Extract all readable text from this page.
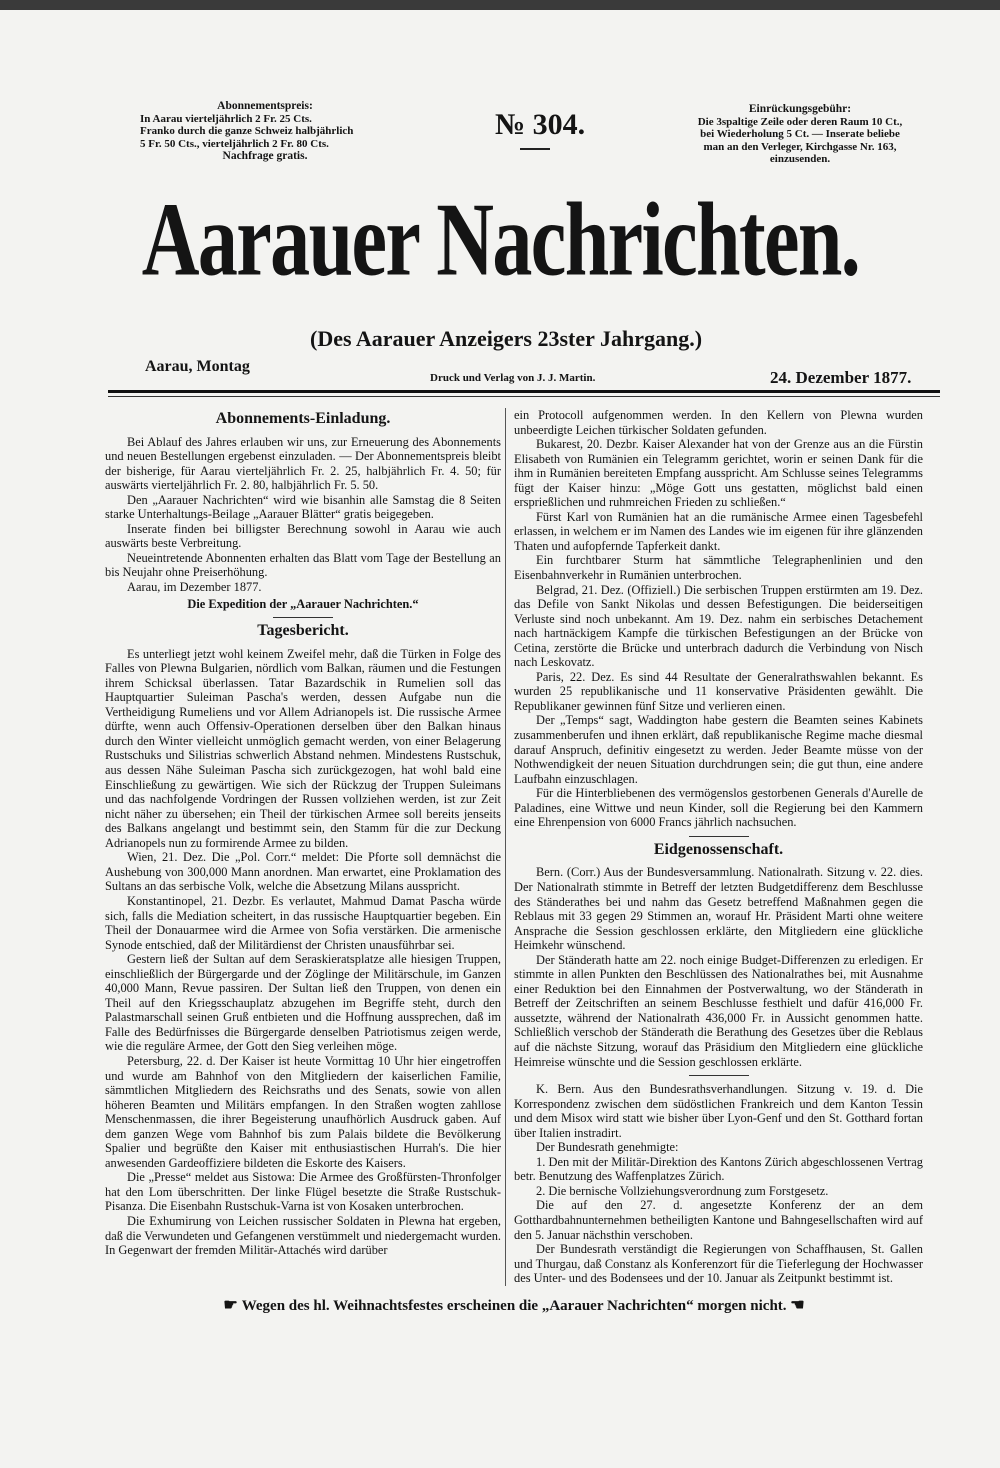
Abonnementspreis:
In Aarau vierteljährlich 2 Fr. 25 Cts.
Franko durch die ganze Schweiz halbjährlich
5 Fr. 50 Cts., vierteljährlich 2 Fr. 80 Cts.
Nachfrage gratis.
№ 304.	Einrückungsgebühr:
Die 3spaltige Zeile oder deren Raum 10 Ct.,
bei Wiederholung 5 Ct. — Inserate beliebe
man an den Verleger, Kirchgasse Nr. 163,
einzusenden.
Aarauer Nachrichten.
(Des Aarauer Anzeigers 23ster Jahrgang.)
Aarau, Montag
Druck und Verlag von J. J. Martin.	24. Dezember 1877.
Abonnements-Einladung.

Bei Ablauf des Jahres erlauben wir uns, zur Erneuerung des Abonnements und neuen Bestellungen ergebenst einzuladen. — Der Abonnementspreis bleibt der bisherige, für Aarau vierteljährlich Fr. 2. 25, halbjährlich Fr. 4. 50; für auswärts vierteljährlich Fr. 2. 80, halbjährlich Fr. 5. 50.

Den „Aarauer Nachrichten“ wird wie bisanhin alle Samstag die 8 Seiten starke Unterhaltungs-Beilage „Aarauer Blätter“ gratis beigegeben.

Inserate finden bei billigster Berechnung sowohl in Aarau wie auch auswärts beste Verbreitung.

Neueintretende Abonnenten erhalten das Blatt vom Tage der Bestellung an bis Neujahr ohne Preiserhöhung.

Aarau, im Dezember 1877.

Die Expedition der „Aarauer Nachrichten.“

Tagesbericht.

Es unterliegt jetzt wohl keinem Zweifel mehr, daß die Türken in Folge des Falles von Plewna Bulgarien, nördlich vom Balkan, räumen und die Festungen ihrem Schicksal überlassen. Tatar Bazardschik in Rumelien soll das Hauptquartier Suleiman Pascha's werden, dessen Aufgabe nun die Vertheidigung Rumeliens und vor Allem Adrianopels ist. Die russische Armee dürfte, wenn auch Offensiv-Operationen derselben über den Balkan hinaus durch den Winter vielleicht unmöglich gemacht werden, von einer Belagerung Rustschuks und Silistrias schwerlich Abstand nehmen. Mindestens Rustschuk, aus dessen Nähe Suleiman Pascha sich zurückgezogen, hat wohl bald eine Einschließung zu gewärtigen. Wie sich der Rückzug der Truppen Suleimans und das nachfolgende Vordringen der Russen vollziehen werden, ist zur Zeit nicht näher zu übersehen; ein Theil der türkischen Armee soll bereits jenseits des Balkans angelangt und bestimmt sein, den Stamm für die zur Deckung Adrianopels nun zu formirende Armee zu bilden.

Wien, 21. Dez. Die „Pol. Corr.“ meldet: Die Pforte soll demnächst die Aushebung von 300,000 Mann anordnen. Man erwartet, eine Proklamation des Sultans an das serbische Volk, welche die Absetzung Milans ausspricht.

Konstantinopel, 21. Dezbr. Es verlautet, Mahmud Damat Pascha würde sich, falls die Mediation scheitert, in das russische Hauptquartier begeben. Ein Theil der Donauarmee wird die Armee von Sofia verstärken. Die armenische Synode entschied, daß der Militärdienst der Christen unausführbar sei.

Gestern ließ der Sultan auf dem Seraskieratsplatze alle hiesigen Truppen, einschließlich der Bürgergarde und der Zöglinge der Militärschule, im Ganzen 40,000 Mann, Revue passiren. Der Sultan ließ den Truppen, von denen ein Theil auf den Kriegsschauplatz abzugehen im Begriffe steht, durch den Palastmarschall seinen Gruß entbieten und die Hoffnung aussprechen, daß im Falle des Bedürfnisses die Bürgergarde denselben Patriotismus zeigen werde, wie die reguläre Armee, der Gott den Sieg verleihen möge.

Petersburg, 22. d. Der Kaiser ist heute Vormittag 10 Uhr hier eingetroffen und wurde am Bahnhof von den Mitgliedern der kaiserlichen Familie, sämmtlichen Mitgliedern des Reichsraths und des Senats, sowie von allen höheren Beamten und Militärs empfangen. In den Straßen wogten zahllose Menschenmassen, die ihrer Begeisterung unaufhörlich Ausdruck gaben. Auf dem ganzen Wege vom Bahnhof bis zum Palais bildete die Bevölkerung Spalier und begrüßte den Kaiser mit enthusiastischen Hurrah's. Die hier anwesenden Gardeoffiziere bildeten die Eskorte des Kaisers.

Die „Presse“ meldet aus Sistowa: Die Armee des Großfürsten-Thronfolger hat den Lom überschritten. Der linke Flügel besetzte die Straße Rustschuk-Pisanza. Die Eisenbahn Rustschuk-Varna ist von Kosaken unterbrochen.

Die Exhumirung von Leichen russischer Soldaten in Plewna hat ergeben, daß die Verwundeten und Gefangenen verstümmelt und niedergemacht wurden. In Gegenwart der fremden Militär-Attachés wird darüber

ein Protocoll aufgenommen werden. In den Kellern von Plewna wurden unbeerdigte Leichen türkischer Soldaten gefunden.

Bukarest, 20. Dezbr. Kaiser Alexander hat von der Grenze aus an die Fürstin Elisabeth von Rumänien ein Telegramm gerichtet, worin er seinen Dank für die ihm in Rumänien bereiteten Empfang ausspricht. Am Schlusse seines Telegramms fügt der Kaiser hinzu: „Möge Gott uns gestatten, möglichst bald einen ersprießlichen und ruhmreichen Frieden zu schließen.“

Fürst Karl von Rumänien hat an die rumänische Armee einen Tagesbefehl erlassen, in welchem er im Namen des Landes wie im eigenen für ihre glänzenden Thaten und aufopfernde Tapferkeit dankt.

Ein furchtbarer Sturm hat sämmtliche Telegraphenlinien und den Eisenbahnverkehr in Rumänien unterbrochen.

Belgrad, 21. Dez. (Offiziell.) Die serbischen Truppen erstürmten am 19. Dez. das Defile von Sankt Nikolas und dessen Befestigungen. Die beiderseitigen Verluste sind noch unbekannt. Am 19. Dez. nahm ein serbisches Detachement nach hartnäckigem Kampfe die türkischen Befestigungen an der Brücke von Cetina, zerstörte die Brücke und unterbrach dadurch die Verbindung von Nisch nach Leskovatz.

Paris, 22. Dez. Es sind 44 Resultate der Generalrathswahlen bekannt. Es wurden 25 republikanische und 11 konservative Präsidenten gewählt. Die Republikaner gewinnen fünf Sitze und verlieren einen.

Der „Temps“ sagt, Waddington habe gestern die Beamten seines Kabinets zusammenberufen und ihnen erklärt, daß republikanische Regime mache diesmal darauf Anspruch, definitiv eingesetzt zu werden. Jeder Beamte müsse von der Nothwendigkeit der neuen Situation durchdrungen sein; die gut thun, eine andere Laufbahn einzuschlagen.

Für die Hinterbliebenen des vermögenslos gestorbenen Generals d'Aurelle de Paladines, eine Wittwe und neun Kinder, soll die Regierung bei den Kammern eine Ehrenpension von 6000 Francs jährlich nachsuchen.

Eidgenossenschaft.

Bern. (Corr.) Aus der Bundesversammlung. Nationalrath. Sitzung v. 22. dies. Der Nationalrath stimmte in Betreff der letzten Budgetdifferenz dem Beschlusse des Ständerathes bei und nahm das Gesetz betreffend Maßnahmen gegen die Reblaus mit 33 gegen 29 Stimmen an, worauf Hr. Präsident Marti ohne weitere Ansprache die Session geschlossen erklärte, den Mitgliedern eine glückliche Heimkehr wünschend.

Der Ständerath hatte am 22. noch einige Budget-Differenzen zu erledigen. Er stimmte in allen Punkten den Beschlüssen des Nationalrathes bei, mit Ausnahme einer Reduktion bei den Einnahmen der Postverwaltung, wo der Ständerath in Betreff der Zeitschriften an seinem Beschlusse festhielt und dafür 416,000 Fr. aussetzte, während der Nationalrath 436,000 Fr. in Aussicht genommen hatte. Schließlich verschob der Ständerath die Berathung des Gesetzes über die Reblaus auf die nächste Sitzung, worauf das Präsidium den Mitgliedern eine glückliche Heimreise wünschte und die Session geschlossen erklärte.

K. Bern. Aus den Bundesrathsverhandlungen. Sitzung v. 19. d. Die Korrespondenz zwischen dem südöstlichen Frankreich und dem Kanton Tessin und dem Misox wird statt wie bisher über Lyon-Genf und den St. Gotthard fortan über Italien instradirt.

Der Bundesrath genehmigte:

1. Den mit der Militär-Direktion des Kantons Zürich abgeschlossenen Vertrag betr. Benutzung des Waffenplatzes Zürich.

2. Die bernische Vollziehungsverordnung zum Forstgesetz.

Die auf den 27. d. angesetzte Konferenz der an dem Gotthardbahnunternehmen betheiligten Kantone und Bahngesellschaften wird auf den 5. Januar nächsthin verschoben.

Der Bundesrath verständigt die Regierungen von Schaffhausen, St. Gallen und Thurgau, daß Constanz als Konferenzort für die Tieferlegung der Hochwasser des Unter- und des Bodensees und der 10. Januar als Zeitpunkt bestimmt ist.

☛ Wegen des hl. Weihnachtsfestes erscheinen die „Aarauer Nachrichten“ morgen nicht. ☚
